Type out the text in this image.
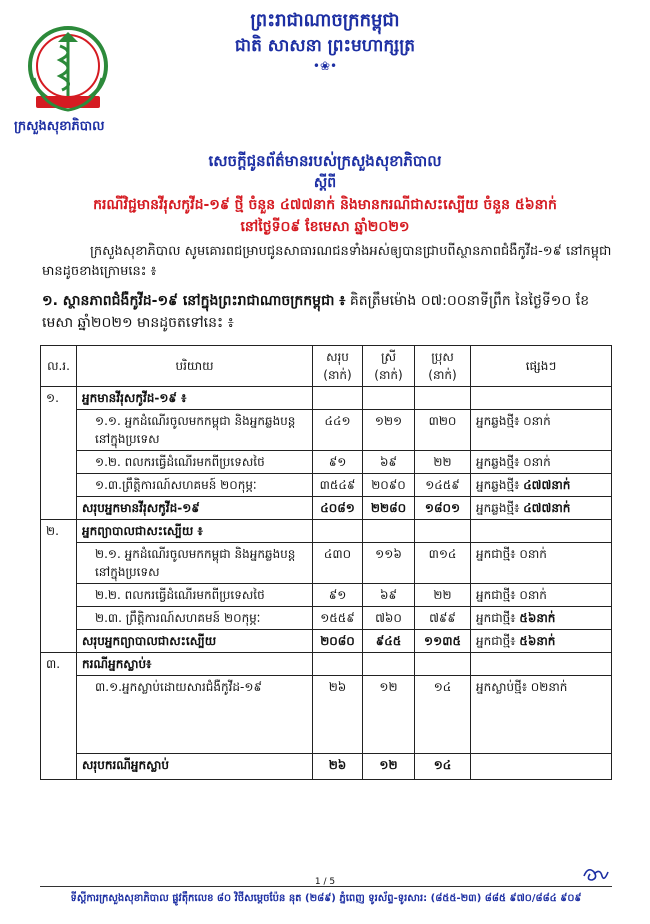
ព្រះរាជាណាចក្រកម្ពុជា
ជាតិ សាសនា ព្រះមហាក្សត្រ
•❀•
ក្រសួងសុខាភិបាល
សេចក្តីជូនព័ត៌មានរបស់ក្រសួងសុខាភិបាល
ស្តីពី
ករណីវិជ្ជមានវីរុសកូវីដ-១៩ ថ្មី ចំនួន ៤៧៧នាក់ និងមានករណីជាសះស្បើយ ចំនួន ៥៦នាក់
នៅថ្ងៃទី០៩ ខែមេសា ឆ្នាំ២០២១
ក្រសួងសុខាភិបាល សូមគោរពជម្រាបជូនសាធារណជនទាំងអស់ឲ្យបានជ្រាបពីស្ថានភាពជំងឺកូវីដ-១៩ នៅកម្ពុជា មានដូចខាងក្រោមនេះ ៖
១. ស្ថានភាពជំងឺកូវីដ-១៩ នៅក្នុងព្រះរាជាណាចក្រកម្ពុជា ៖ គិតត្រឹមម៉ោង ០៧:០០នាទីព្រឹក នៃថ្ងៃទី១០ ខែមេសា ឆ្នាំ២០២១ មានដូចតទៅនេះ ៖
ល.រ.	បរិយាយ	សរុប (នាក់)	ស្រី (នាក់)	ប្រុស (នាក់)	ផ្សេងៗ
១.	អ្នកមានវីរុសកូវីដ-១៩ ៖				
	១.១. អ្នកដំណើរចូលមកកម្ពុជា និងអ្នកឆ្លងបន្តនៅក្នុងប្រទេស	៤៤១	១២១	៣២០	អ្នកឆ្លងថ្មី៖ ០នាក់
	១.២. ពលករធ្វើដំណើរមកពីប្រទេសថៃ	៩១	៦៩	២២	អ្នកឆ្លងថ្មី៖ ០នាក់
	១.៣.ព្រឹត្តិការណ៍សហគមន៍ ២០កុម្ភៈ	៣៥៤៩	២០៩០	១៤៥៩	អ្នកឆ្លងថ្មី៖ ៤៧៧នាក់
	សរុបអ្នកមានវីរុសកូវីដ-១៩	៤០៨១	២២៨០	១៨០១	អ្នកឆ្លងថ្មី៖ ៤៧៧នាក់
២.	អ្នកព្យាបាលជាសះស្បើយ ៖				
	២.១. អ្នកដំណើរចូលមកកម្ពុជា និងអ្នកឆ្លងបន្តនៅក្នុងប្រទេស	៤៣០	១១៦	៣១៤	អ្នកជាថ្មី៖ ០នាក់
	២.២. ពលករធ្វើដំណើរមកពីប្រទេសថៃ	៩១	៦៩	២២	អ្នកជាថ្មី៖ ០នាក់
	២.៣. ព្រឹត្តិការណ៍សហគមន៍ ២០កុម្ភៈ	១៥៥៩	៧៦០	៧៩៩	អ្នកជាថ្មី៖ ៥៦នាក់
	សរុបអ្នកព្យាបាលជាសះស្បើយ	២០៨០	៩៤៥	១១៣៥	អ្នកជាថ្មី៖ ៥៦នាក់
៣.	ករណីអ្នកស្លាប់៖				
	៣.១.អ្នកស្លាប់ដោយសារជំងឺកូវីដ-១៩	២៦	១២	១៤	អ្នកស្លាប់ថ្មី៖ ០២នាក់
	សរុបករណីអ្នកស្លាប់	២៦	១២	១៤	
1 / 5
ទីស្តីការក្រសួងសុខាភិបាល ផ្លូវតុឹកលេខ ៨០ វិថីសម្តេចប៉ែន នុត (២៨៩) ភ្នំពេញ ទូរស័ព្ទ-ទូរសារ: (៨៥៥-២៣) ៨៨៥ ៩៧០/៨៨៤ ៩០៩
